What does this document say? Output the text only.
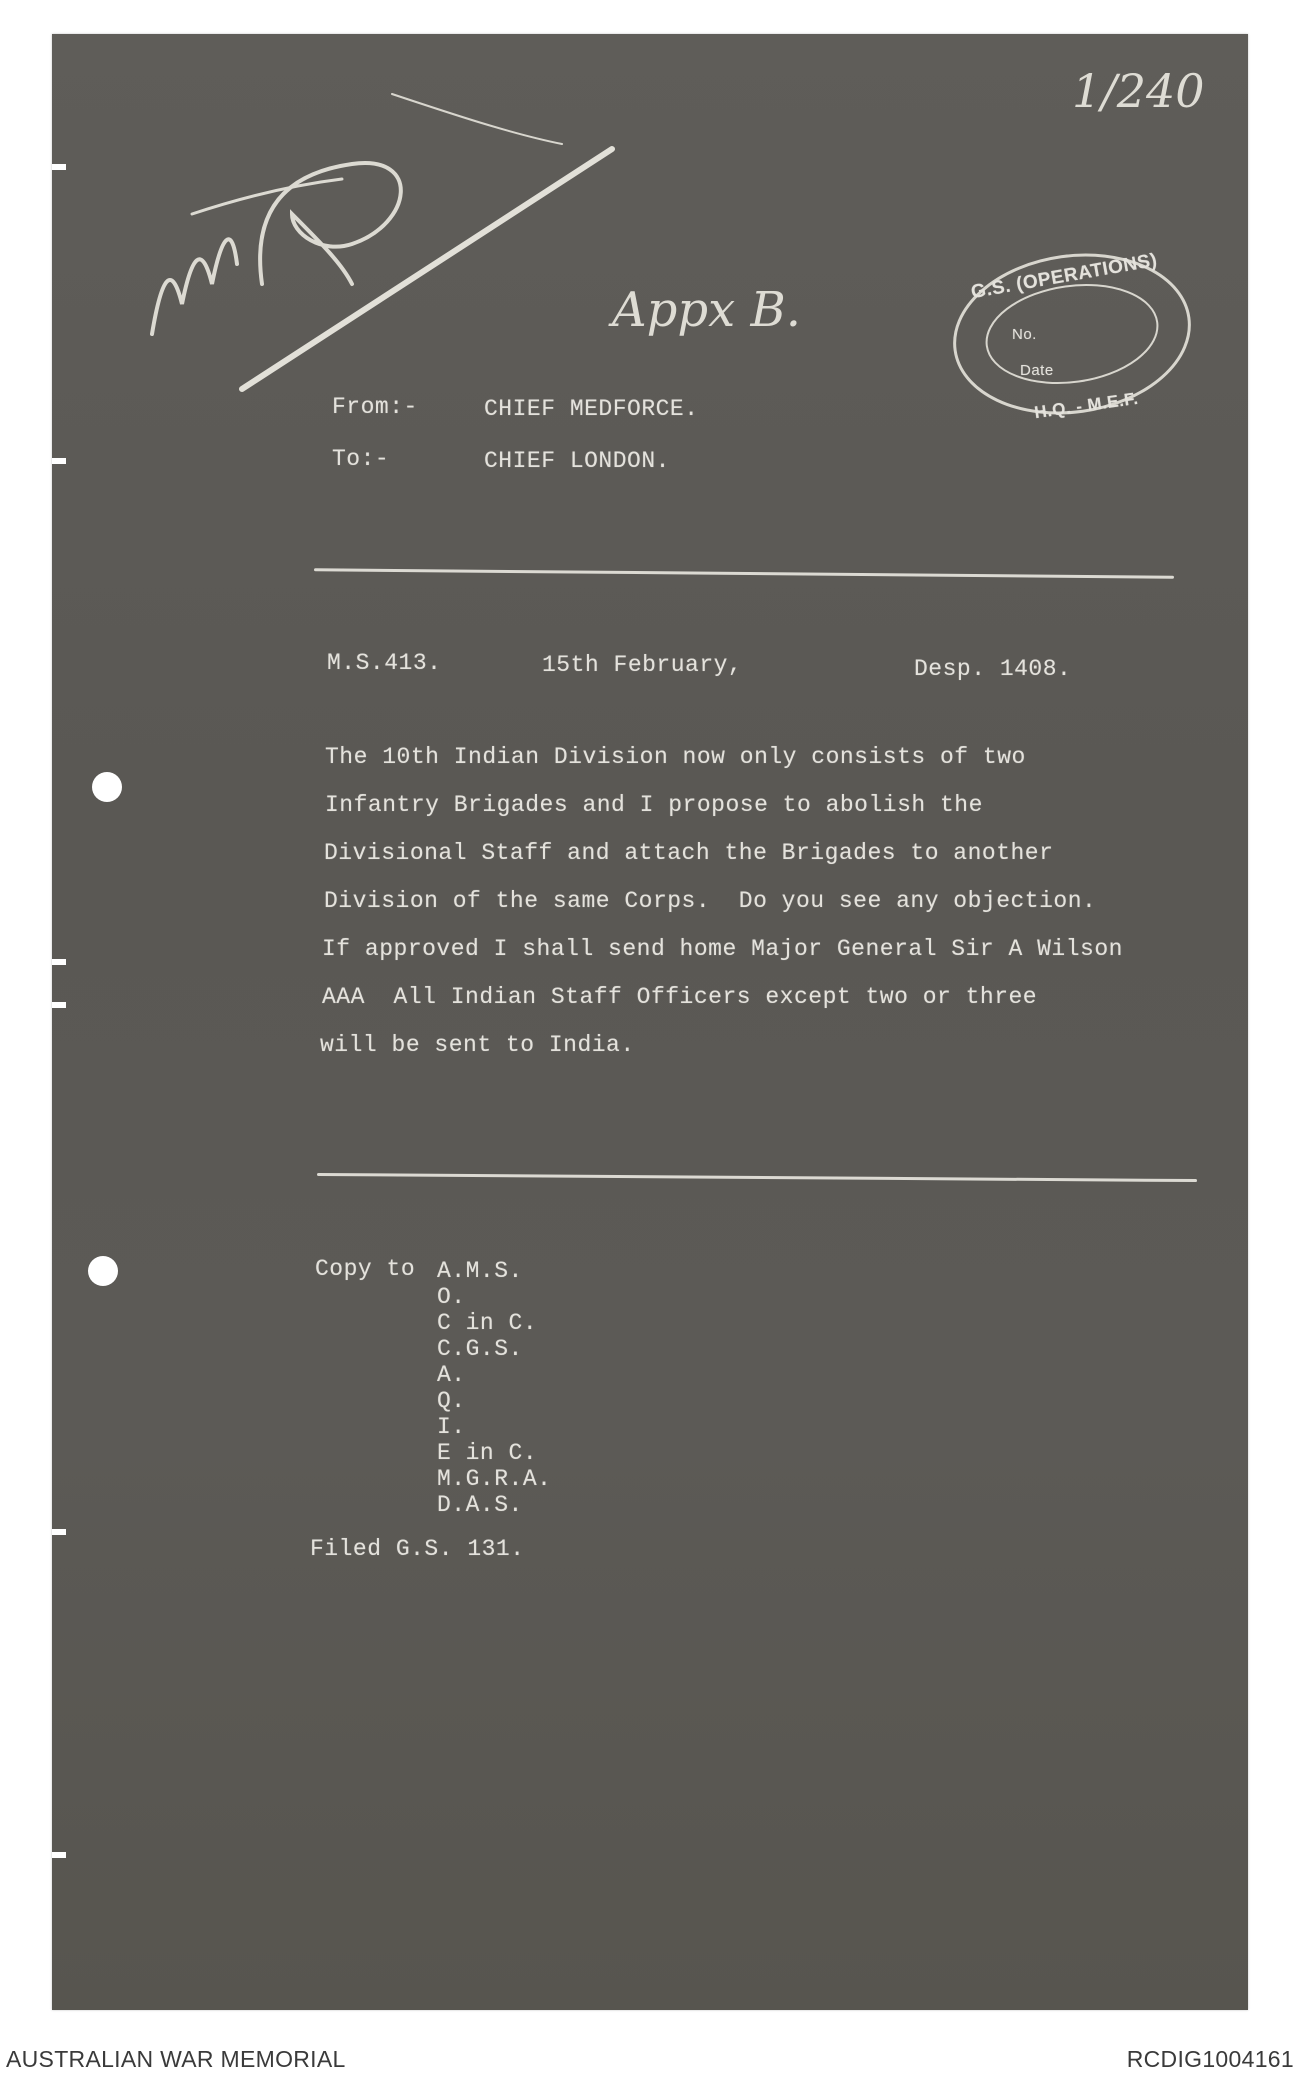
1/240
Appx B.
G.S. (OPERATIONS)
No.
Date
H.Q. - M.E.F.
From:-	CHIEF MEDFORCE.
To:-	CHIEF LONDON.
M.S.413.	15th February,	Desp. 1408.
The 10th Indian Division now only consists of two
Infantry Brigades and I propose to abolish the
Divisional Staff and attach the Brigades to another
Division of the same Corps.  Do you see any objection.
If approved I shall send home Major General Sir A Wilson
AAA  All Indian Staff Officers except two or three
will be sent to India.
Copy to A.M.S.
O.
C in C.
C.G.S.
A.
Q.
I.
E in C.
M.G.R.A.
D.A.S.
Filed G.S. 131.
AUSTRALIAN WAR MEMORIAL	RCDIG1004161
